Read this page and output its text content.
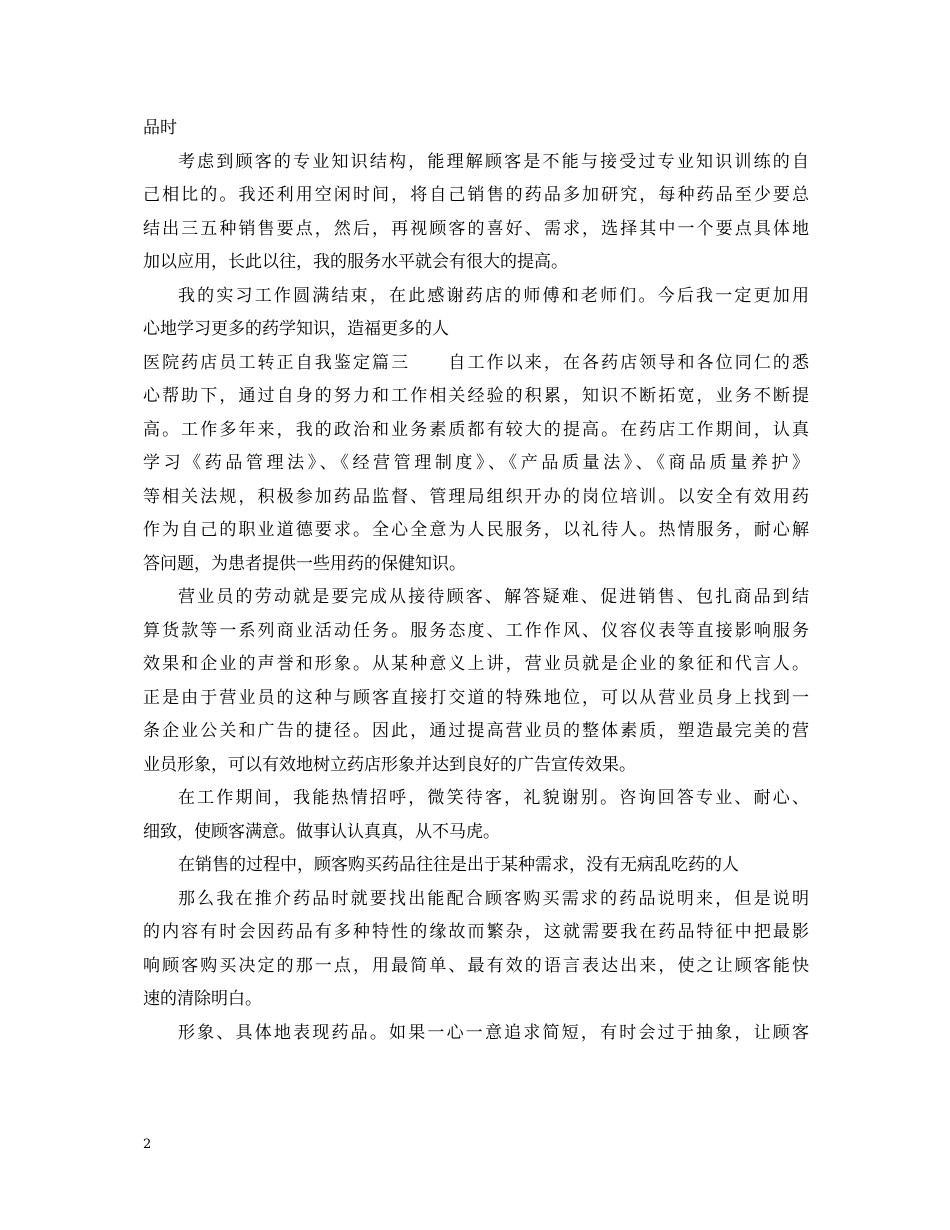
品时
考虑到顾客的专业知识结构，能理解顾客是不能与接受过专业知识训练的自
己相比的。我还利用空闲时间，将自己销售的药品多加研究，每种药品至少要总
结出三五种销售要点，然后，再视顾客的喜好、需求，选择其中一个要点具体地
加以应用，长此以往，我的服务水平就会有很大的提高。
我的实习工作圆满结束，在此感谢药店的师傅和老师们。今后我一定更加用
心地学习更多的药学知识，造福更多的人
医院药店员工转正自我鉴定篇三　　自工作以来，在各药店领导和各位同仁的悉
心帮助下，通过自身的努力和工作相关经验的积累，知识不断拓宽，业务不断提
高。工作多年来，我的政治和业务素质都有较大的提高。在药店工作期间，认真
学习《药品管理法》、《经营管理制度》、《产品质量法》、《商品质量养护》
等相关法规，积极参加药品监督、管理局组织开办的岗位培训。以安全有效用药
作为自己的职业道德要求。全心全意为人民服务，以礼待人。热情服务，耐心解
答问题，为患者提供一些用药的保健知识。
营业员的劳动就是要完成从接待顾客、解答疑难、促进销售、包扎商品到结
算货款等一系列商业活动任务。服务态度、工作作风、仪容仪表等直接影响服务
效果和企业的声誉和形象。从某种意义上讲，营业员就是企业的象征和代言人。
正是由于营业员的这种与顾客直接打交道的特殊地位，可以从营业员身上找到一
条企业公关和广告的捷径。因此，通过提高营业员的整体素质，塑造最完美的营
业员形象，可以有效地树立药店形象并达到良好的广告宣传效果。
在工作期间，我能热情招呼，微笑待客，礼貌谢别。咨询回答专业、耐心、
细致，使顾客满意。做事认认真真，从不马虎。
在销售的过程中，顾客购买药品往往是出于某种需求，没有无病乱吃药的人
那么我在推介药品时就要找出能配合顾客购买需求的药品说明来，但是说明
的内容有时会因药品有多种特性的缘故而繁杂，这就需要我在药品特征中把最影
响顾客购买决定的那一点，用最简单、最有效的语言表达出来，使之让顾客能快
速的清除明白。
形象、具体地表现药品。如果一心一意追求简短，有时会过于抽象，让顾客
2
